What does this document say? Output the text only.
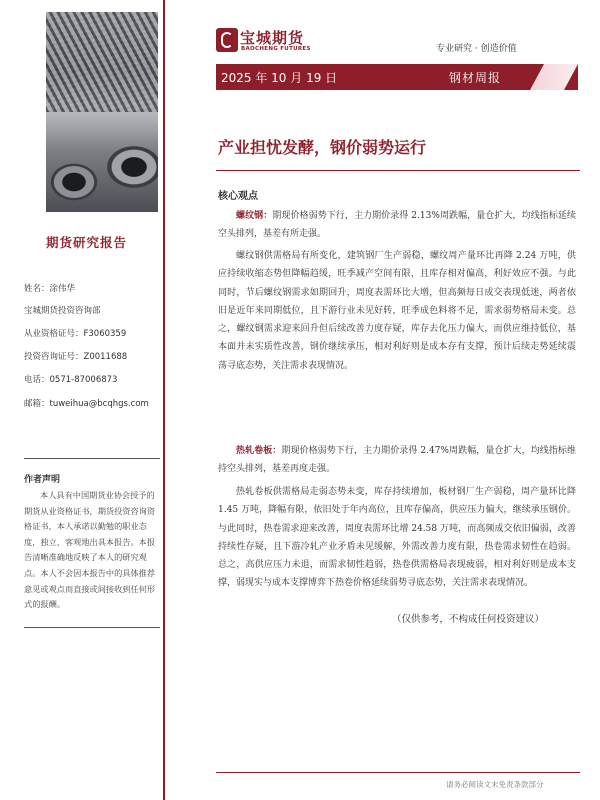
期货研究报告
姓名：涂伟华
宝城期货投资咨询部
从业资格证号：F3060359
投资咨询证号：Z0011688
电话：0571-87006873
邮箱：tuweihua@bcqhgs.com
作者声明
本人具有中国期货业协会授予的期货从业资格证书，期货投资咨询资格证书，本人承诺以勤勉的职业态度，独立、客观地出具本报告。本报告清晰准确地反映了本人的研究观点。本人不会因本报告中的具体推荐意见或观点而直接或间接收到任何形式的报酬。
宝城期货
BAOCHENG FUTURES	专业研究 · 创造价值
2025 年 10 月 19 日	钢材周报
产业担忧发酵，钢价弱势运行
核心观点
螺纹钢：期现价格弱势下行，主力期价录得 2.13%周跌幅，量仓扩大，均线指标延续空头排列，基差有所走强。
螺纹钢供需格局有所变化，建筑钢厂生产弱稳，螺纹周产量环比再降 2.24 万吨，供应持续收缩态势但降幅趋缓，旺季减产空间有限，且库存相对偏高，利好效应不强。与此同时，节后螺纹钢需求如期回升，周度表需环比大增，但高频每日成交表现低迷，两者依旧是近年来同期低位，且下游行业未见好转，旺季成色料将不足，需求弱势格局未变。总之，螺纹钢需求迎来回升但后续改善力度存疑，库存去化压力偏大，而供应维持低位，基本面并未实质性改善，钢价继续承压，相对利好则是成本存有支撑，预计后续走势延续震荡寻底态势，关注需求表现情况。
热轧卷板：期现价格弱势下行，主力期价录得 2.47%周跌幅，量仓扩大，均线指标维持空头排列，基差再度走强。
热轧卷板供需格局走弱态势未变，库存持续增加，板材钢厂生产弱稳，周产量环比降 1.45 万吨，降幅有限，依旧处于年内高位，且库存偏高，供应压力偏大，继续承压钢价。与此同时，热卷需求迎来改善，周度表需环比增 24.58 万吨，而高频成交依旧偏弱，改善持续性存疑，且下游冷轧产业矛盾未见缓解，外需改善力度有限，热卷需求韧性在趋弱。总之，高供应压力未退，而需求韧性趋弱，热卷供需格局表现疲弱，相对利好则是成本支撑，弱现实与成本支撑博弈下热卷价格延续弱势寻底态势，关注需求表现情况。
（仅供参考，不构成任何投资建议）
请务必阅读文末免责条款部分
